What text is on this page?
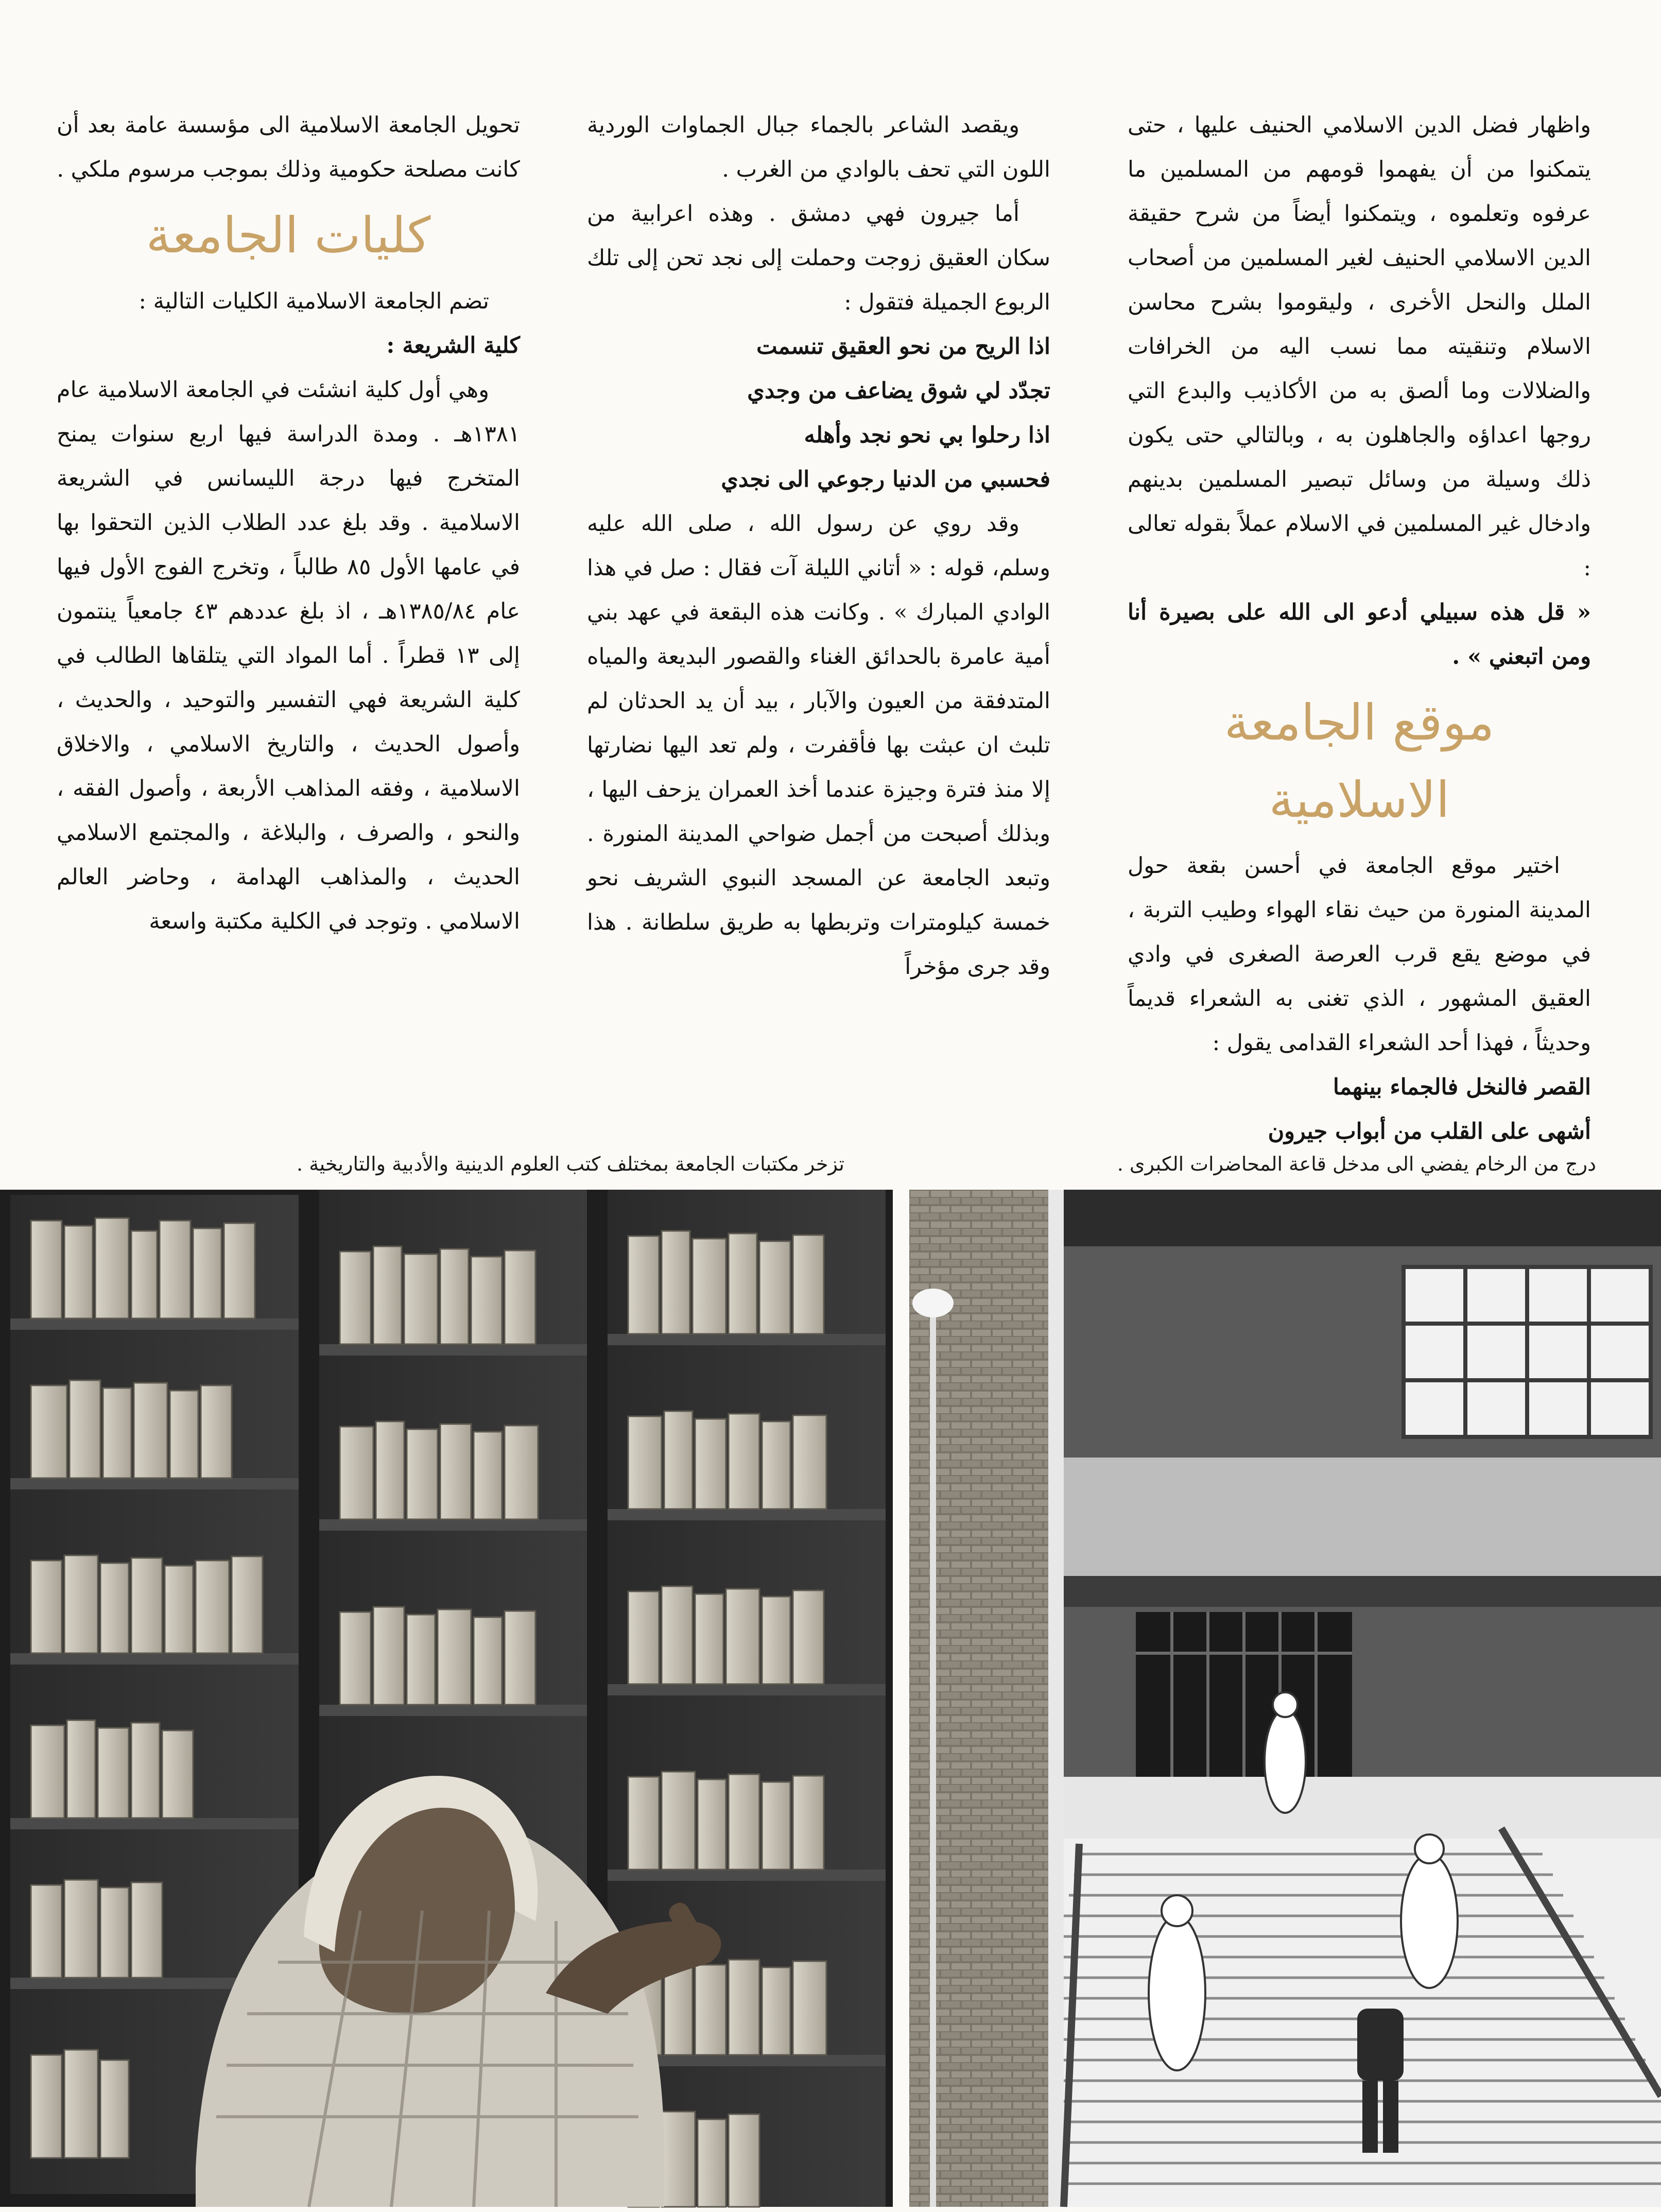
واظهار فضل الدين الاسلامي الحنيف عليها ، حتى يتمكنوا من أن يفهموا قومهم من المسلمين ما عرفوه وتعلموه ، ويتمكنوا أيضاً من شرح حقيقة الدين الاسلامي الحنيف لغير المسلمين من أصحاب الملل والنحل الأخرى ، وليقوموا بشرح محاسن الاسلام وتنقيته مما نسب اليه من الخرافات والضلالات وما ألصق به من الأكاذيب والبدع التي روجها اعداؤه والجاهلون به ، وبالتالي حتى يكون ذلك وسيلة من وسائل تبصير المسلمين بدينهم وادخال غير المسلمين في الاسلام عملاً بقوله تعالى :

« قل هذه سبيلي أدعو الى الله على بصيرة أنا ومن اتبعني » .

موقع الجامعة الاسلامية

اختير موقع الجامعة في أحسن بقعة حول المدينة المنورة من حيث نقاء الهواء وطيب التربة ، في موضع يقع قرب العرصة الصغرى في وادي العقيق المشهور ، الذي تغنى به الشعراء قديماً وحديثاً ، فهذا أحد الشعراء القدامى يقول :

القصر فالنخل فالجماء بينهما

أشهى على القلب من أبواب جيرون

ويقصد الشاعر بالجماء جبال الجماوات الوردية اللون التي تحف بالوادي من الغرب .

أما جيرون فهي دمشق . وهذه اعرابية من سكان العقيق زوجت وحملت إلى نجد تحن إلى تلك الربوع الجميلة فتقول :

اذا الريح من نحو العقيق تنسمت

تجدّد لي شوق يضاعف من وجدي

اذا رحلوا بي نحو نجد وأهله

فحسبي من الدنيا رجوعي الى نجدي

وقد روي عن رسول الله ، صلى الله عليه وسلم، قوله : « أتاني الليلة آت فقال : صل في هذا الوادي المبارك » . وكانت هذه البقعة في عهد بني أمية عامرة بالحدائق الغناء والقصور البديعة والمياه المتدفقة من العيون والآبار ، بيد أن يد الحدثان لم تلبث ان عبثت بها فأقفرت ، ولم تعد اليها نضارتها إلا منذ فترة وجيزة عندما أخذ العمران يزحف اليها ، وبذلك أصبحت من أجمل ضواحي المدينة المنورة . وتبعد الجامعة عن المسجد النبوي الشريف نحو خمسة كيلومترات وتربطها به طريق سلطانة . هذا وقد جرى مؤخراً

تحويل الجامعة الاسلامية الى مؤسسة عامة بعد أن كانت مصلحة حكومية وذلك بموجب مرسوم ملكي .

كليات الجامعة

تضم الجامعة الاسلامية الكليات التالية :

كلية الشريعة :

وهي أول كلية انشئت في الجامعة الاسلامية عام ١٣٨١هـ . ومدة الدراسة فيها اربع سنوات يمنح المتخرج فيها درجة الليسانس في الشريعة الاسلامية . وقد بلغ عدد الطلاب الذين التحقوا بها في عامها الأول ٨٥ طالباً ، وتخرج الفوج الأول فيها عام ١٣٨٥/٨٤هـ ، اذ بلغ عددهم ٤٣ جامعياً ينتمون إلى ١٣ قطراً . أما المواد التي يتلقاها الطالب في كلية الشريعة فهي التفسير والتوحيد ، والحديث ، وأصول الحديث ، والتاريخ الاسلامي ، والاخلاق الاسلامية ، وفقه المذاهب الأربعة ، وأصول الفقه ، والنحو ، والصرف ، والبلاغة ، والمجتمع الاسلامي الحديث ، والمذاهب الهدامة ، وحاضر العالم الاسلامي . وتوجد في الكلية مكتبة واسعة

درج من الرخام يفضي الى مدخل قاعة المحاضرات الكبرى .
تزخر مكتبات الجامعة بمختلف كتب العلوم الدينية والأدبية والتاريخية .
